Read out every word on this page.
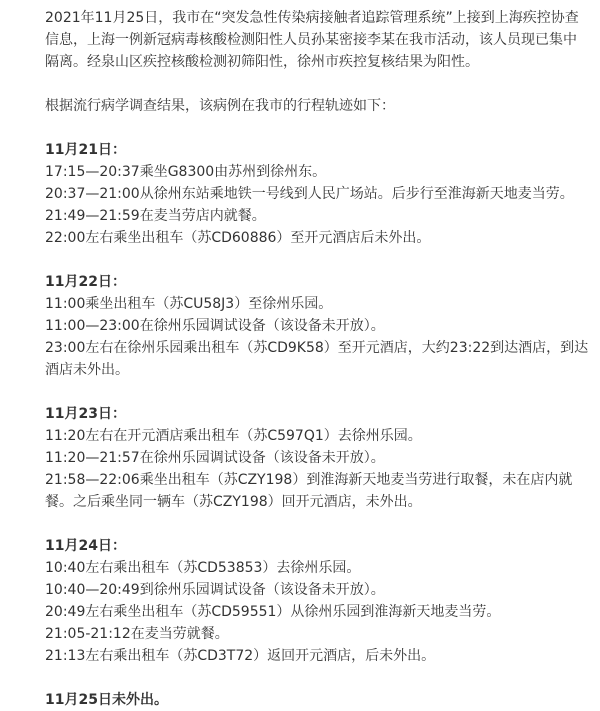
2021年11月25日，我市在“突发急性传染病接触者追踪管理系统”上接到上海疾控协查信息，上海一例新冠病毒核酸检测阳性人员孙某密接李某在我市活动，该人员现已集中隔离。经泉山区疾控核酸检测初筛阳性，徐州市疾控复核结果为阳性。

根据流行病学调查结果，该病例在我市的行程轨迹如下：

11月21日：

17:15—20:37乘坐G8300由苏州到徐州东。

20:37—21:00从徐州东站乘地铁一号线到人民广场站。后步行至淮海新天地麦当劳。

21:49—21:59在麦当劳店内就餐。

22:00左右乘坐出租车（苏CD60886）至开元酒店后未外出。

11月22日：

11:00乘坐出租车（苏CU58J3）至徐州乐园。

11:00—23:00在徐州乐园调试设备（该设备未开放）。

23:00左右在徐州乐园乘出租车（苏CD9K58）至开元酒店，大约23:22到达酒店，到达酒店未外出。

11月23日：

11:20左右在开元酒店乘出租车（苏C597Q1）去徐州乐园。

11:20—21:57在徐州乐园调试设备（该设备未开放）。

21:58—22:06乘坐出租车（苏CZY198）到淮海新天地麦当劳进行取餐，未在店内就餐。之后乘坐同一辆车（苏CZY198）回开元酒店，未外出。

11月24日：

10:40左右乘出租车（苏CD53853）去徐州乐园。

10:40—20:49到徐州乐园调试设备（该设备未开放）。

20:49左右乘坐出租车（苏CD59551）从徐州乐园到淮海新天地麦当劳。

21:05-21:12在麦当劳就餐。

21:13左右乘出租车（苏CD3T72）返回开元酒店，后未外出。

11月25日未外出。
